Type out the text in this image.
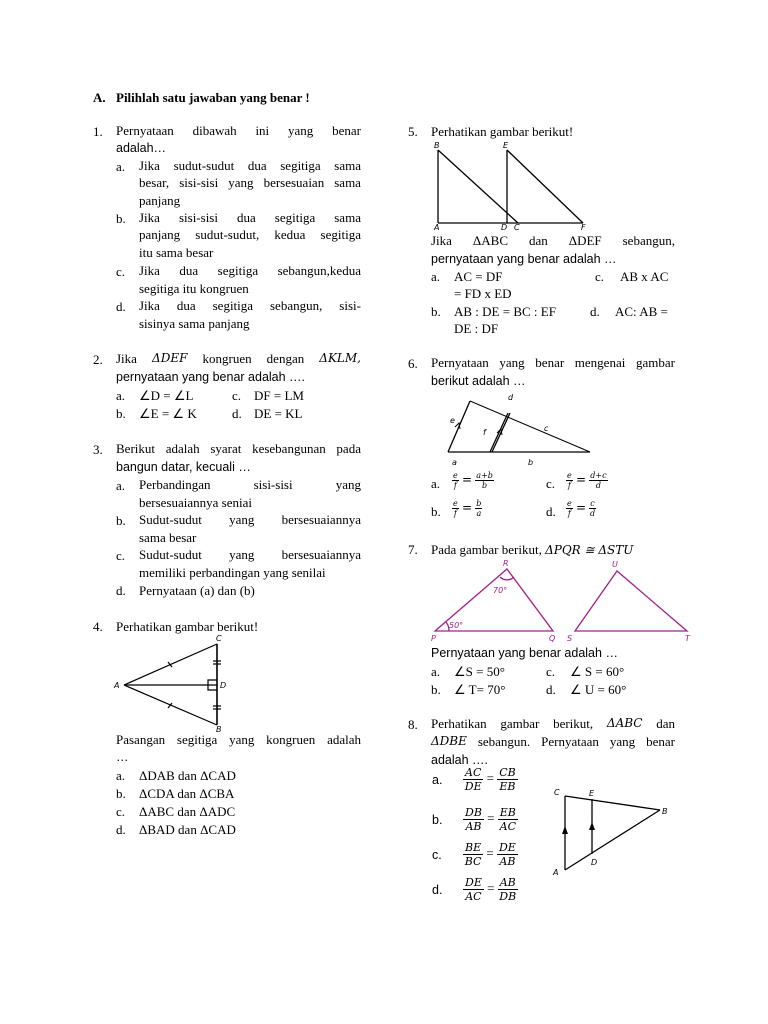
A. Pilihlah satu jawaban yang benar !
1. Pernyataan dibawah ini yang benar
adalah…
a. Jika sudut-sudut dua segitiga sama
besar, sisi-sisi yang bersesuaian sama
panjang
b. Jika sisi-sisi dua segitiga sama
panjang sudut-sudut, kedua segitiga
itu sama besar
c. Jika dua segitiga sebangun,kedua
segitiga itu kongruen
d. Jika dua segitiga sebangun, sisi-
sisinya sama panjang
2. Jika ΔDEF kongruen dengan ΔKLM,
pernyataan yang benar adalah ….
a. ∠D = ∠L	c. DF = LM
b. ∠E = ∠ K	d. DE = KL
3. Berikut adalah syarat kesebangunan pada
bangun datar, kecuali …
a. Perbandingan	sisi-sisi	yang
bersesuaiannya seniai
b. Sudut-sudut yang bersesuaiannya
sama besar
c. Sudut-sudut yang bersesuaiannya
memiliki perbandingan yang senilai
d. Pernyataan (a) dan (b)
4. Perhatikan gambar berikut!
A
C
D
B
Pasangan segitiga yang kongruen adalah
…
a. ΔDAB dan ΔCAD
b. ΔCDA dan ΔCBA
c. ΔABC dan ΔADC
d. ΔBAD dan ΔCAD
5. Perhatikan gambar berikut!
B	E
A	D C	F
Jika ΔABC dan ΔDEF sebangun,
pernyataan yang benar adalah …
a. AC = DF	c. AB x AC
= FD x ED
b. AB : DE = BC : EF	d. AC: AB =
DE : DF
6. Pernyataan yang benar mengenai gambar
berikut adalah …
d
e
f	c
a	b
a. $\frac{e}{f} = \frac{a+b}{b}$	c. $\frac{e}{f} = \frac{d+c}{d}$
b. $\frac{e}{f} = \frac{b}{a}$	d. $\frac{e}{f} = \frac{c}{d}$
7. Pada gambar berikut, ΔPQR ≅ ΔSTU
R	U
70°
50°
P	Q S	T
Pernyataan yang benar adalah …
a. ∠S = 50°	c. ∠ S = 60°
b. ∠ T= 70°	d. ∠ U = 60°
8. Perhatikan gambar berikut, ΔABC dan
ΔDBE sebangun. Pernyataan yang benar
adalah ….
a. $\frac{AC}{DE} = \frac{CB}{EB}$
b. $\frac{DB}{AB} = \frac{EB}{AC}$
c. $\frac{BE}{BC} = \frac{DE}{AB}$
d. $\frac{DE}{AC} = \frac{AB}{DB}$
C	E
B
D
A
